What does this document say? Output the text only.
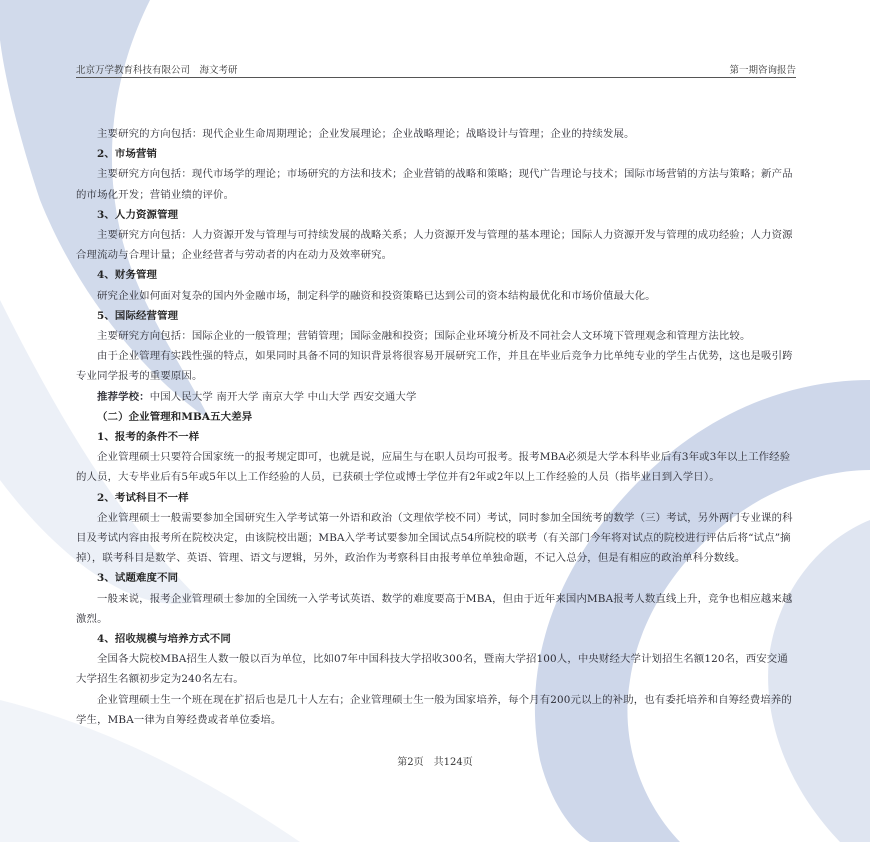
北京万学教育科技有限公司　海文考研	第一期咨询报告

主要研究的方向包括：现代企业生命周期理论；企业发展理论；企业战略理论；战略设计与管理；企业的持续发展。

2、市场营销

主要研究方向包括：现代市场学的理论；市场研究的方法和技术；企业营销的战略和策略；现代广告理论与技术；国际市场营销的方法与策略；新产品的市场化开发；营销业绩的评价。

3、人力资源管理

主要研究方向包括：人力资源开发与管理与可持续发展的战略关系；人力资源开发与管理的基本理论；国际人力资源开发与管理的成功经验；人力资源合理流动与合理计量；企业经营者与劳动者的内在动力及效率研究。

4、财务管理

研究企业如何面对复杂的国内外金融市场，制定科学的融资和投资策略已达到公司的资本结构最优化和市场价值最大化。

5、国际经营管理

主要研究方向包括：国际企业的一般管理；营销管理；国际金融和投资；国际企业环境分析及不同社会人文环境下管理观念和管理方法比较。

由于企业管理有实践性强的特点，如果同时具备不同的知识背景将很容易开展研究工作，并且在毕业后竞争力比单纯专业的学生占优势，这也是吸引跨专业同学报考的重要原因。

推荐学校：中国人民大学 南开大学 南京大学 中山大学 西安交通大学

（二）企业管理和MBA五大差异

1、报考的条件不一样

企业管理硕士只要符合国家统一的报考规定即可，也就是说，应届生与在职人员均可报考。报考MBA必须是大学本科毕业后有3年或3年以上工作经验的人员，大专毕业后有5年或5年以上工作经验的人员，已获硕士学位或博士学位并有2年或2年以上工作经验的人员（指毕业日到入学日）。

2、考试科目不一样

企业管理硕士一般需要参加全国研究生入学考试第一外语和政治（文理依学校不同）考试，同时参加全国统考的数学（三）考试，另外两门专业课的科目及考试内容由报考所在院校决定，由该院校出题；MBA入学考试要参加全国试点54所院校的联考（有关部门今年将对试点的院校进行评估后将“试点”摘掉），联考科目是数学、英语、管理、语文与逻辑，另外，政治作为考察科目由报考单位单独命题，不记入总分，但是有相应的政治单科分数线。

3、试题难度不同

一般来说，报考企业管理硕士参加的全国统一入学考试英语、数学的难度要高于MBA，但由于近年来国内MBA报考人数直线上升，竞争也相应越来越激烈。

4、招收规模与培养方式不同

全国各大院校MBA招生人数一般以百为单位，比如07年中国科技大学招收300名，暨南大学招100人，中央财经大学计划招生名额120名，西安交通大学招生名额初步定为240名左右。

企业管理硕士生一个班在现在扩招后也是几十人左右；企业管理硕士生一般为国家培养，每个月有200元以上的补助，也有委托培养和自筹经费培养的学生，MBA一律为自筹经费或者单位委培。

第2页　共124页
